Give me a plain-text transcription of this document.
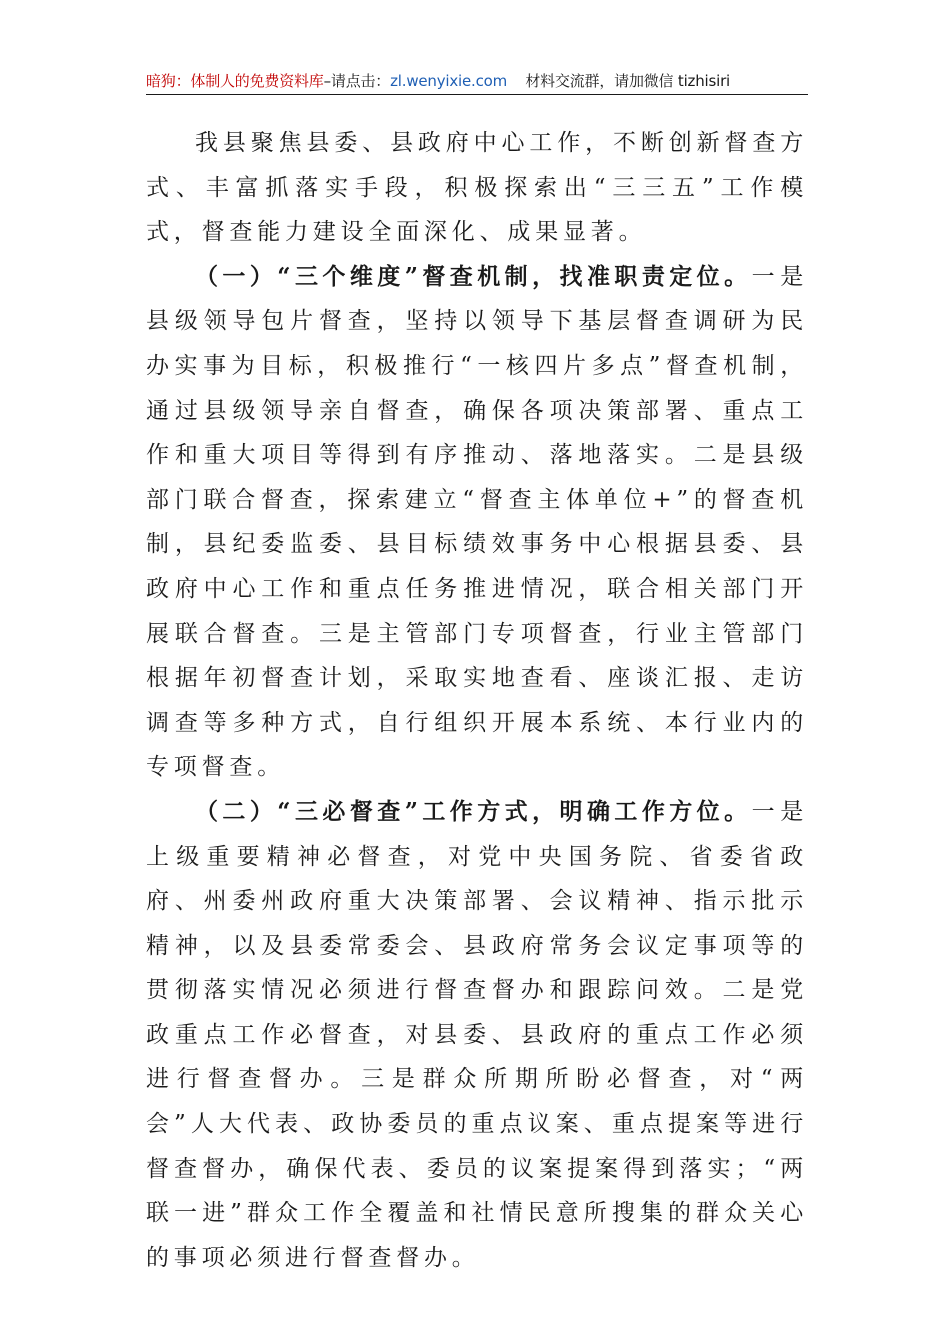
暗狗：体制人的免费资料库–请点击：zl.wenyixie.com 材料交流群，请加微信 tizhisiri

我县聚焦县委、县政府中心工作，不断创新督查方式、丰富抓落实手段，积极探索出“三三五”工作模式，督查能力建设全面深化、成果显著。

（一）“三个维度”督查机制，找准职责定位。一是县级领导包片督查，坚持以领导下基层督查调研为民办实事为目标，积极推行“一核四片多点”督查机制，通过县级领导亲自督查，确保各项决策部署、重点工作和重大项目等得到有序推动、落地落实。二是县级部门联合督查，探索建立“督查主体单位+”的督查机制，县纪委监委、县目标绩效事务中心根据县委、县政府中心工作和重点任务推进情况，联合相关部门开展联合督查。三是主管部门专项督查，行业主管部门根据年初督查计划，采取实地查看、座谈汇报、走访调查等多种方式，自行组织开展本系统、本行业内的专项督查。

（二）“三必督查”工作方式，明确工作方位。一是上级重要精神必督查，对党中央国务院、省委省政府、州委州政府重大决策部署、会议精神、指示批示精神，以及县委常委会、县政府常务会议定事项等的贯彻落实情况必须进行督查督办和跟踪问效。二是党政重点工作必督查，对县委、县政府的重点工作必须进行督查督办。三是群众所期所盼必督查，对“两会”人大代表、政协委员的重点议案、重点提案等进行督查督办，确保代表、委员的议案提案得到落实；“两联一进”群众工作全覆盖和社情民意所搜集的群众关心的事项必须进行督查督办。
